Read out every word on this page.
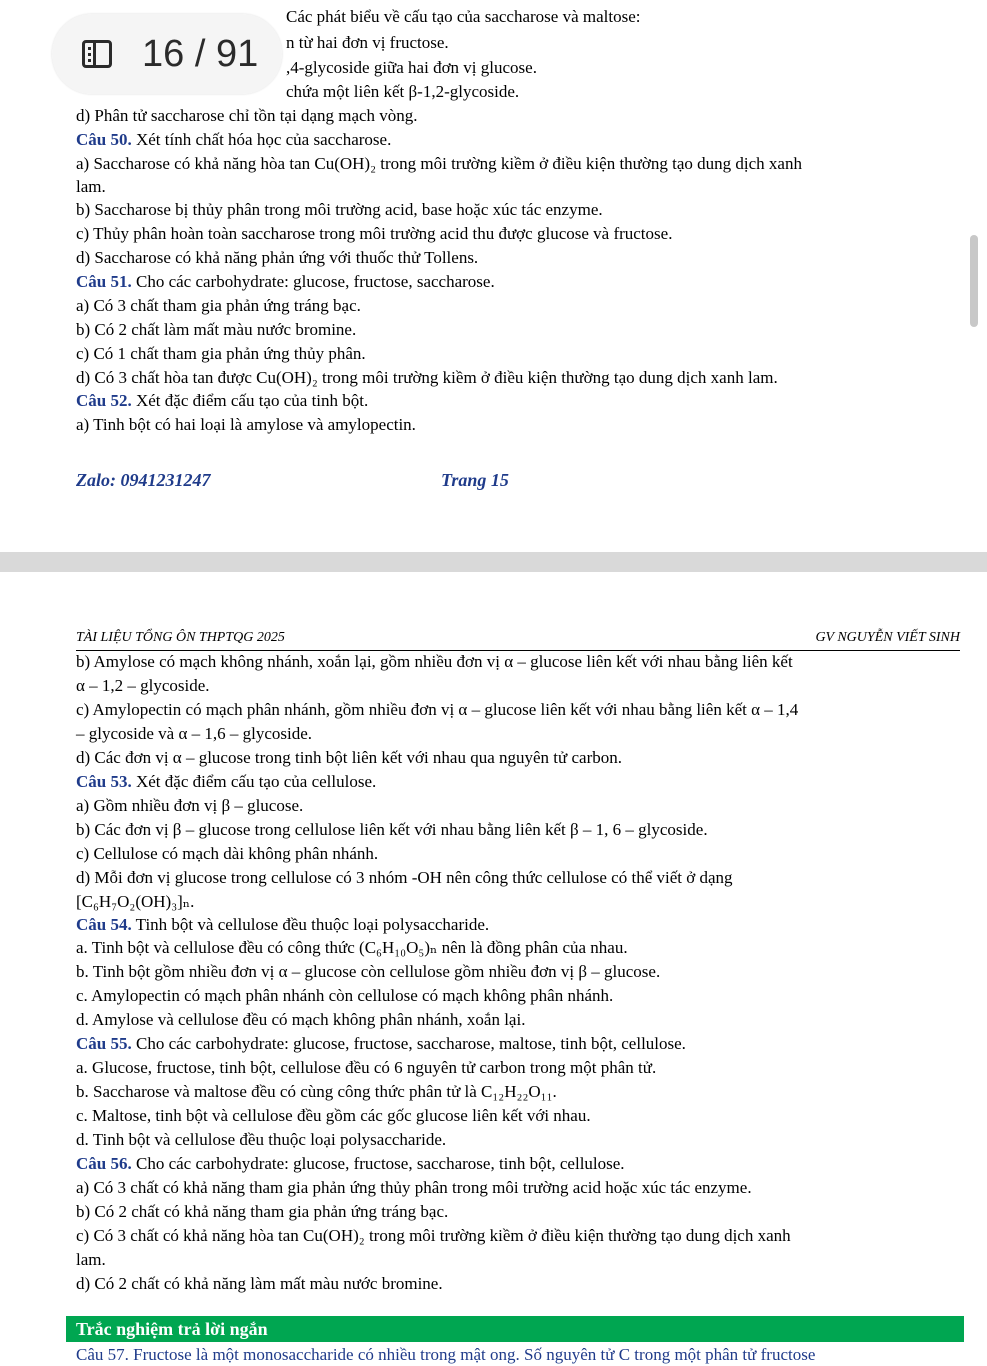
Các phát biểu về cấu tạo của saccharose và maltose:
n từ hai đơn vị fructose.
,4-glycoside giữa hai đơn vị glucose.
chứa một liên kết β-1,2-glycoside.
d) Phân tử saccharose chỉ tồn tại dạng mạch vòng.
Câu 50. Xét tính chất hóa học của saccharose.
a) Saccharose có khả năng hòa tan Cu(OH)₂ trong môi trường kiềm ở điều kiện thường tạo dung dịch xanh
lam.
b) Saccharose bị thủy phân trong môi trường acid, base hoặc xúc tác enzyme.
c) Thủy phân hoàn toàn saccharose trong môi trường acid thu được glucose và fructose.
d) Saccharose có khả năng phản ứng với thuốc thử Tollens.
Câu 51. Cho các carbohydrate: glucose, fructose, saccharose.
a) Có 3 chất tham gia phản ứng tráng bạc.
b) Có 2 chất làm mất màu nước bromine.
c) Có 1 chất tham gia phản ứng thủy phân.
d) Có 3 chất hòa tan được Cu(OH)₂ trong môi trường kiềm ở điều kiện thường tạo dung dịch xanh lam.
Câu 52. Xét đặc điểm cấu tạo của tinh bột.
a) Tinh bột có hai loại là amylose và amylopectin.
Zalo: 0941231247	Trang 15
TÀI LIỆU TỔNG ÔN THPTQG 2025	GV NGUYỄN VIẾT SINH
b) Amylose có mạch không nhánh, xoắn lại, gồm nhiều đơn vị α – glucose liên kết với nhau bằng liên kết
α – 1,2 – glycoside.
c) Amylopectin có mạch phân nhánh, gồm nhiều đơn vị α – glucose liên kết với nhau bằng liên kết α – 1,4
– glycoside và α – 1,6 – glycoside.
d) Các đơn vị α – glucose trong tinh bột liên kết với nhau qua nguyên tử carbon.
Câu 53. Xét đặc điểm cấu tạo của cellulose.
a) Gồm nhiều đơn vị β – glucose.
b) Các đơn vị β – glucose trong cellulose liên kết với nhau bằng liên kết β – 1, 6 – glycoside.
c) Cellulose có mạch dài không phân nhánh.
d) Mỗi đơn vị glucose trong cellulose có 3 nhóm -OH nên công thức cellulose có thể viết ở dạng
[C₆H₇O₂(OH)₃]ₙ.
Câu 54. Tinh bột và cellulose đều thuộc loại polysaccharide.
a. Tinh bột và cellulose đều có công thức (C₆H₁₀O₅)ₙ nên là đồng phân của nhau.
b. Tinh bột gồm nhiều đơn vị α – glucose còn cellulose gồm nhiều đơn vị β – glucose.
c. Amylopectin có mạch phân nhánh còn cellulose có mạch không phân nhánh.
d. Amylose và cellulose đều có mạch không phân nhánh, xoắn lại.
Câu 55. Cho các carbohydrate: glucose, fructose, saccharose, maltose, tinh bột, cellulose.
a. Glucose, fructose, tinh bột, cellulose đều có 6 nguyên tử carbon trong một phân tử.
b. Saccharose và maltose đều có cùng công thức phân tử là C₁₂H₂₂O₁₁.
c. Maltose, tinh bột và cellulose đều gồm các gốc glucose liên kết với nhau.
d. Tinh bột và cellulose đều thuộc loại polysaccharide.
Câu 56. Cho các carbohydrate: glucose, fructose, saccharose, tinh bột, cellulose.
a) Có 3 chất có khả năng tham gia phản ứng thủy phân trong môi trường acid hoặc xúc tác enzyme.
b) Có 2 chất có khả năng tham gia phản ứng tráng bạc.
c) Có 3 chất có khả năng hòa tan Cu(OH)₂ trong môi trường kiềm ở điều kiện thường tạo dung dịch xanh
lam.
d) Có 2 chất có khả năng làm mất màu nước bromine.
Trắc nghiệm trả lời ngắn
Câu 57. Fructose là một monosaccharide có nhiều trong mật ong. Số nguyên tử C trong một phân tử fructose
16 / 91
